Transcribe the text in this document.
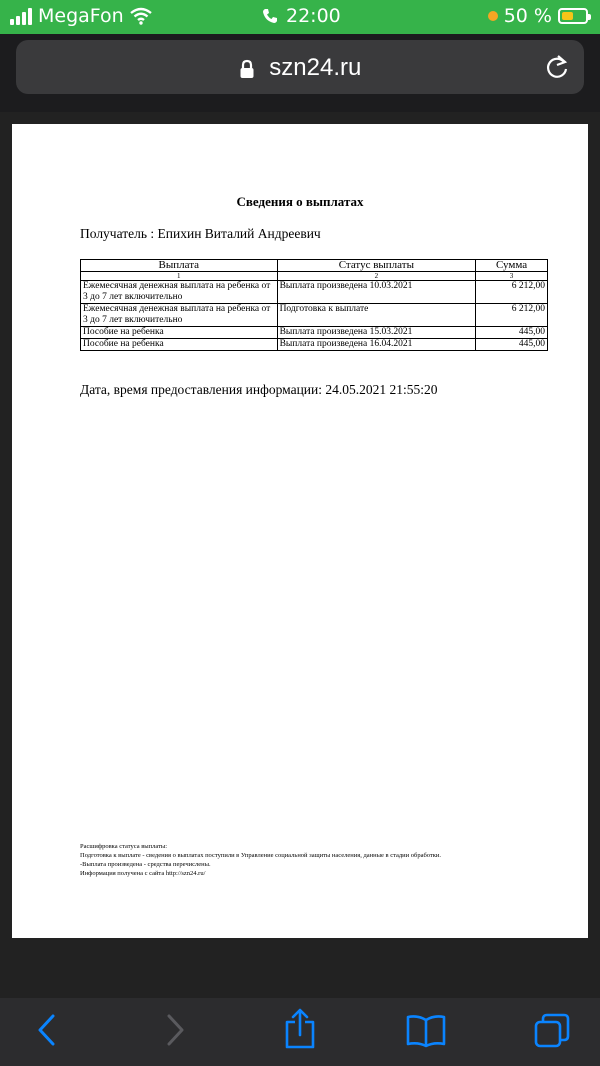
MegaFon	22:00	50 %
szn24.ru
Сведения о выплатах
Получатель : Епихин Виталий Андреевич
Выплата	Статус выплаты	Сумма
1	2	3
Ежемесячная денежная выплата на ребенка от 3 до 7 лет включительно	Выплата произведена 10.03.2021	6 212,00
Ежемесячная денежная выплата на ребенка от 3 до 7 лет включительно	Подготовка к выплате	6 212,00
Пособие на ребенка	Выплата произведена 15.03.2021	445,00
Пособие на ребенка	Выплата произведена 16.04.2021	445,00
Дата, время предоставления информации: 24.05.2021 21:55:20
Расшифровка статуса выплаты:
Подготовка к выплате - сведения о выплатах поступили в Управление социальной защиты населения, данные в стадии обработки.
-Выплата произведена - средства перечислены.
Информация получена с сайта http://szn24.ru/
